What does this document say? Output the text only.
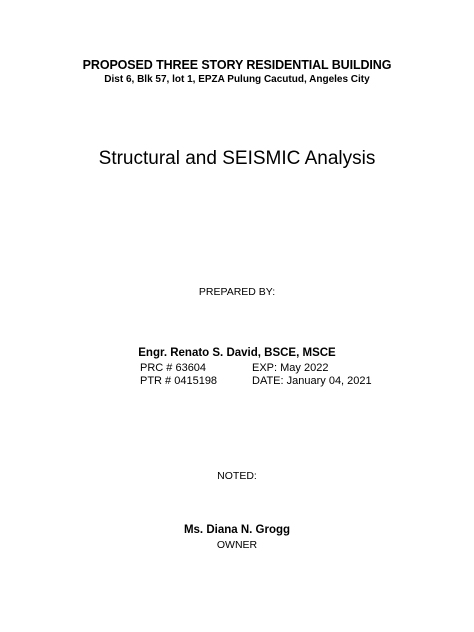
PROPOSED THREE STORY RESIDENTIAL BUILDING
Dist 6, Blk 57, lot 1, EPZA Pulung Cacutud, Angeles City
Structural and SEISMIC Analysis
PREPARED BY:
Engr. Renato S. David, BSCE, MSCE
PRC # 63604	EXP: May 2022
PTR # 0415198	DATE: January 04, 2021
NOTED:
Ms. Diana N. Grogg
OWNER
